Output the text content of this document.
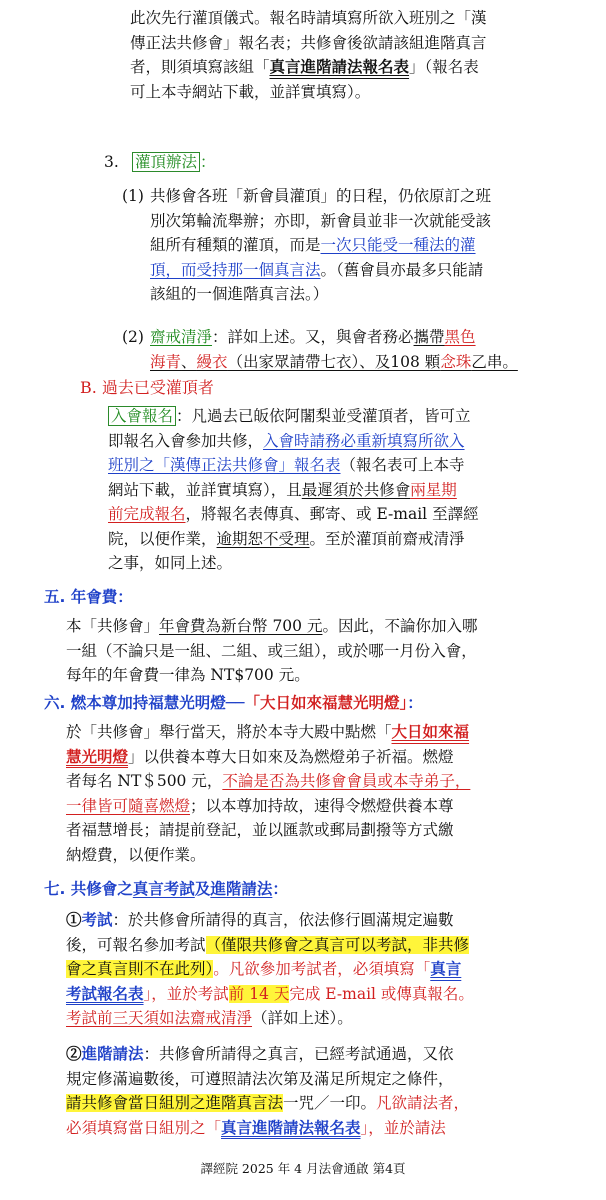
此次先行灌頂儀式。報名時請填寫所欲入班別之「漢
傳正法共修會」報名表；共修會後欲請該組進階真言
者，則須填寫該組「真言進階請法報名表」（報名表
可上本寺網站下載，並詳實填寫）。
3. 灌頂辦法 ：
(1) 共修會各班「新會員灌頂」的日程，仍依原訂之班
別次第輪流舉辦；亦即，新會員並非一次就能受該
組所有種類的灌頂，而是一次只能受一種法的灌
頂，而受持那一個真言法。（舊會員亦最多只能請
該組的一個進階真言法。）
(2) 齋戒清淨：詳如上述。又，與會者務必攜帶黑色
海青、縵衣（出家眾請帶七衣）、及108 顆念珠乙串。
B. 過去已受灌頂者
入會報名 ：凡過去已皈依阿闍梨並受灌頂者，皆可立
即報名入會參加共修，入會時請務必重新填寫所欲入
班別之「漢傳正法共修會」報名表（報名表可上本寺
網站下載，並詳實填寫），且最遲須於共修會兩星期
前完成報名，將報名表傳真、郵寄、或 E-mail 至譯經
院，以便作業，逾期恕不受理。至於灌頂前齋戒清淨
之事，如同上述。
五. 年會費：
本「共修會」年會費為新台幣 700 元。因此，不論你加入哪
一組（不論只是一組、二組、或三組），或於哪一月份入會，
每年的年會費一律為 NT$700 元。
六. 燃本尊加持福慧光明燈──「大日如來福慧光明燈」：
於「共修會」舉行當天，將於本寺大殿中點燃「大日如來福
慧光明燈」以供養本尊大日如來及為燃燈弟子祈福。燃燈
者每名 NT＄500 元，不論是否為共修會會員或本寺弟子，
一律皆可隨喜燃燈；以本尊加持故，速得令燃燈供養本尊
者福慧增長；請提前登記，並以匯款或郵局劃撥等方式繳
納燈費，以便作業。
七. 共修會之真言考試及進階請法：
①考試：於共修會所請得的真言，依法修行圓滿規定遍數
後，可報名參加考試（僅限共修會之真言可以考試，非共修
會之真言則不在此列）。凡欲參加考試者，必須填寫「真言
考試報名表」，並於考試前 14 天完成 E-mail 或傳真報名。
考試前三天須如法齋戒清淨（詳如上述）。
②進階請法：共修會所請得之真言，已經考試通過，又依
規定修滿遍數後，可遵照請法次第及滿足所規定之條件，
請共修會當日組別之進階真言法一咒／一印。凡欲請法者，
必須填寫當日組別之「真言進階請法報名表」，並於請法
譯經院 2025 年 4 月法會通啟 第4頁
